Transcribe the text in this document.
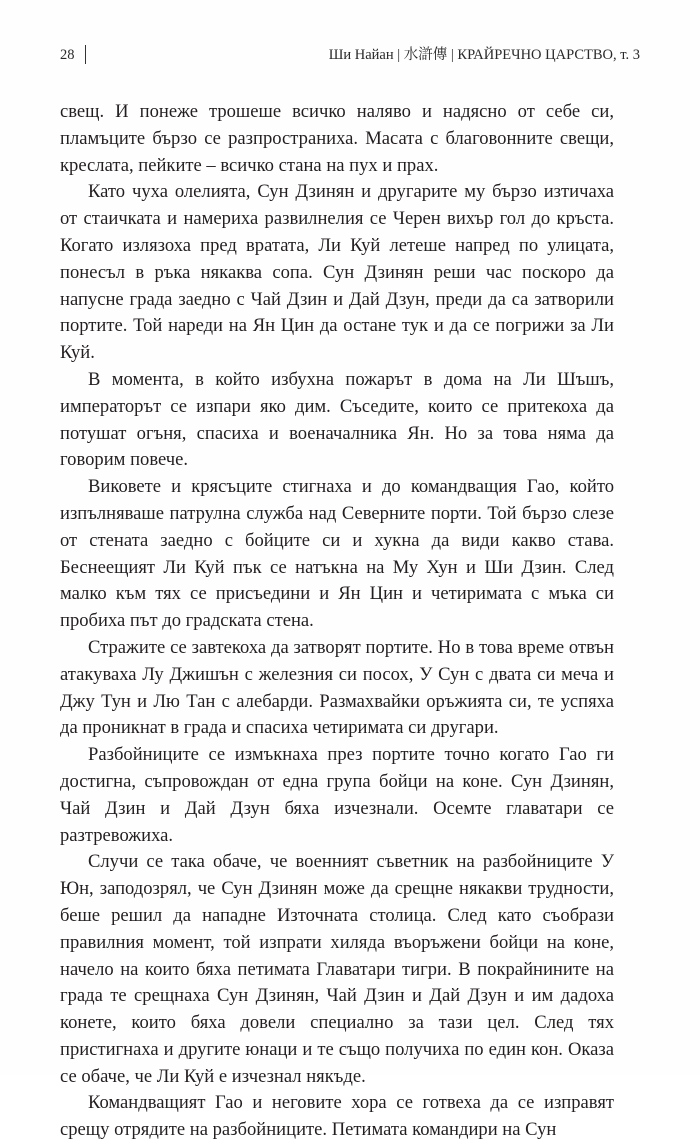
28	Ши Найан | 水滸傳 | КРАЙРЕЧНО ЦАРСТВО, т. 3

свещ. И понеже трошеше всичко наляво и надясно от себе си, пламъците бързо се разпространиха. Масата с благовонните свещи, креслата, пейките – всичко стана на пух и прах.

Като чуха олелията, Сун Дзинян и другарите му бързо изтичаха от стаичката и намериха развилнелия се Черен вихър гол до кръста. Когато излязоха пред вратата, Ли Куй летеше напред по улицата, понесъл в ръка някаква сопа. Сун Дзинян реши час поскоро да напусне града заедно с Чай Дзин и Дай Дзун, преди да са затворили портите. Той нареди на Ян Цин да остане тук и да се погрижи за Ли Куй.

В момента, в който избухна пожарът в дома на Ли Шъшъ, императорът се изпари яко дим. Съседите, които се притекоха да потушат огъня, спасиха и военачалника Ян. Но за това няма да говорим повече.

Виковете и крясъците стигнаха и до командващия Гао, който изпълняваше патрулна служба над Северните порти. Той бързо слезе от стената заедно с бойците си и хукна да види какво става. Беснеещият Ли Куй пък се натъкна на Му Хун и Ши Дзин. След малко към тях се присъедини и Ян Цин и четиримата с мъка си пробиха път до градската стена.

Стражите се завтекоха да затворят портите. Но в това време отвън атакуваха Лу Джишън с железния си посох, У Сун с двата си меча и Джу Тун и Лю Тан с алебарди. Размахвайки оръжията си, те успяха да проникнат в града и спасиха четиримата си другари.

Разбойниците се измъкнаха през портите точно когато Гао ги достигна, съпровождан от една група бойци на коне. Сун Дзинян, Чай Дзин и Дай Дзун бяха изчезнали. Осемте главатари се разтревожиха.

Случи се така обаче, че военният съветник на разбойниците У Юн, заподозрял, че Сун Дзинян може да срещне някакви трудности, беше решил да нападне Източната столица. След като съобрази правилния момент, той изпрати хиляда въоръжени бойци на коне, начело на които бяха петимата Главатари тигри. В покрайнините на града те срещнаха Сун Дзинян, Чай Дзин и Дай Дзун и им дадоха конете, които бяха довели специално за тази цел. След тях пристигнаха и другите юнаци и те също получиха по един кон. Оказа се обаче, че Ли Куй е изчезнал някъде.

Командващият Гао и неговите хора се готвеха да се изправят срещу отрядите на разбойниците. Петимата командири на Сун
